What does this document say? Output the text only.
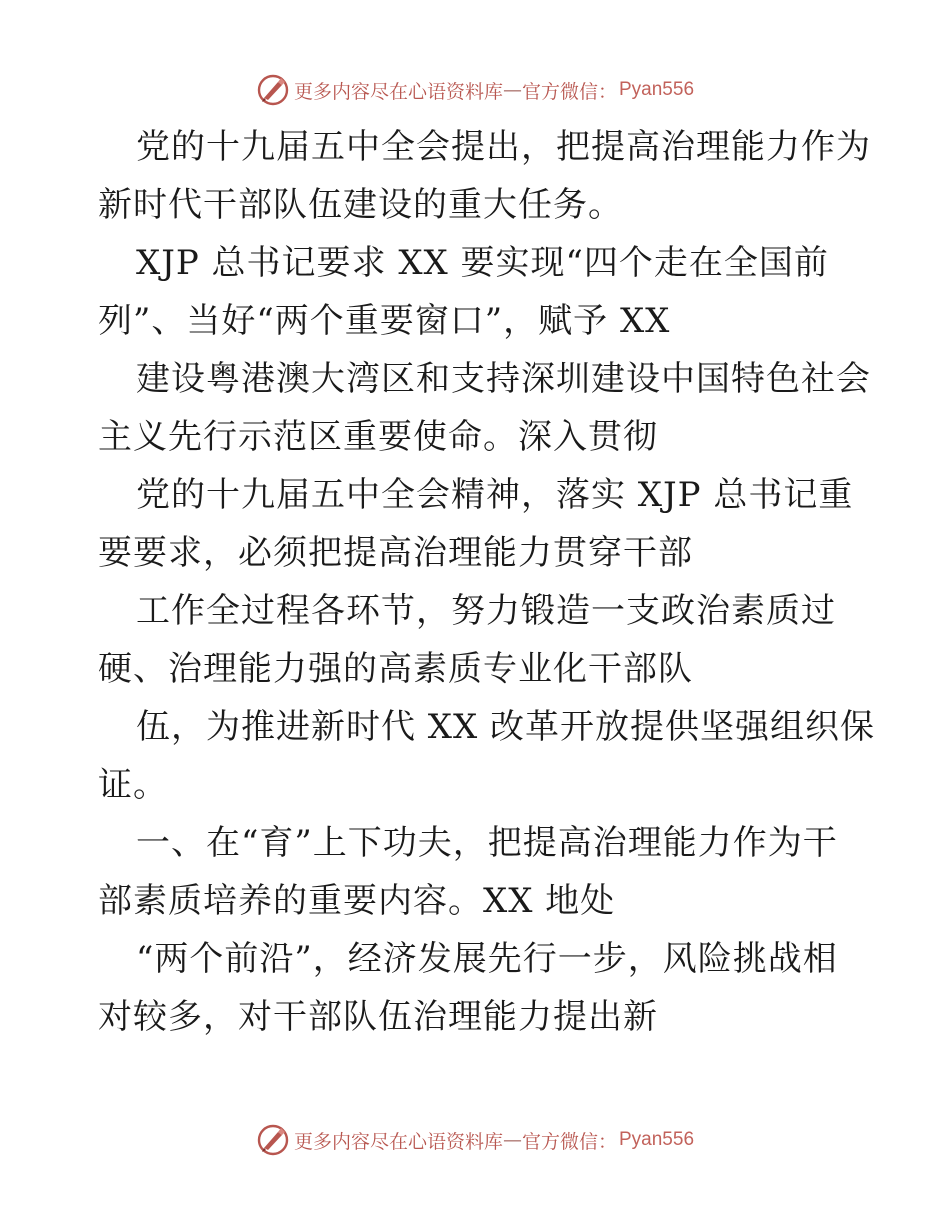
更多内容尽在心语资料库 — 官方微信： Pyan556
党的十九届五中全会提出，把提高治理能力作为
新时代干部队伍建设的重大任务。
XJP 总书记要求 XX 要实现“四个走在全国前
列”、当好“两个重要窗口”，赋予 XX
建设粤港澳大湾区和支持深圳建设中国特色社会
主义先行示范区重要使命。深入贯彻
党的十九届五中全会精神，落实 XJP 总书记重
要要求，必须把提高治理能力贯穿干部
工作全过程各环节，努力锻造一支政治素质过
硬、治理能力强的高素质专业化干部队
伍，为推进新时代 XX 改革开放提供坚强组织保
证。
一、在“育”上下功夫，把提高治理能力作为干
部素质培养的重要内容。XX 地处
“两个前沿”，经济发展先行一步，风险挑战相
对较多，对干部队伍治理能力提出新
更多内容尽在心语资料库 — 官方微信： Pyan556
